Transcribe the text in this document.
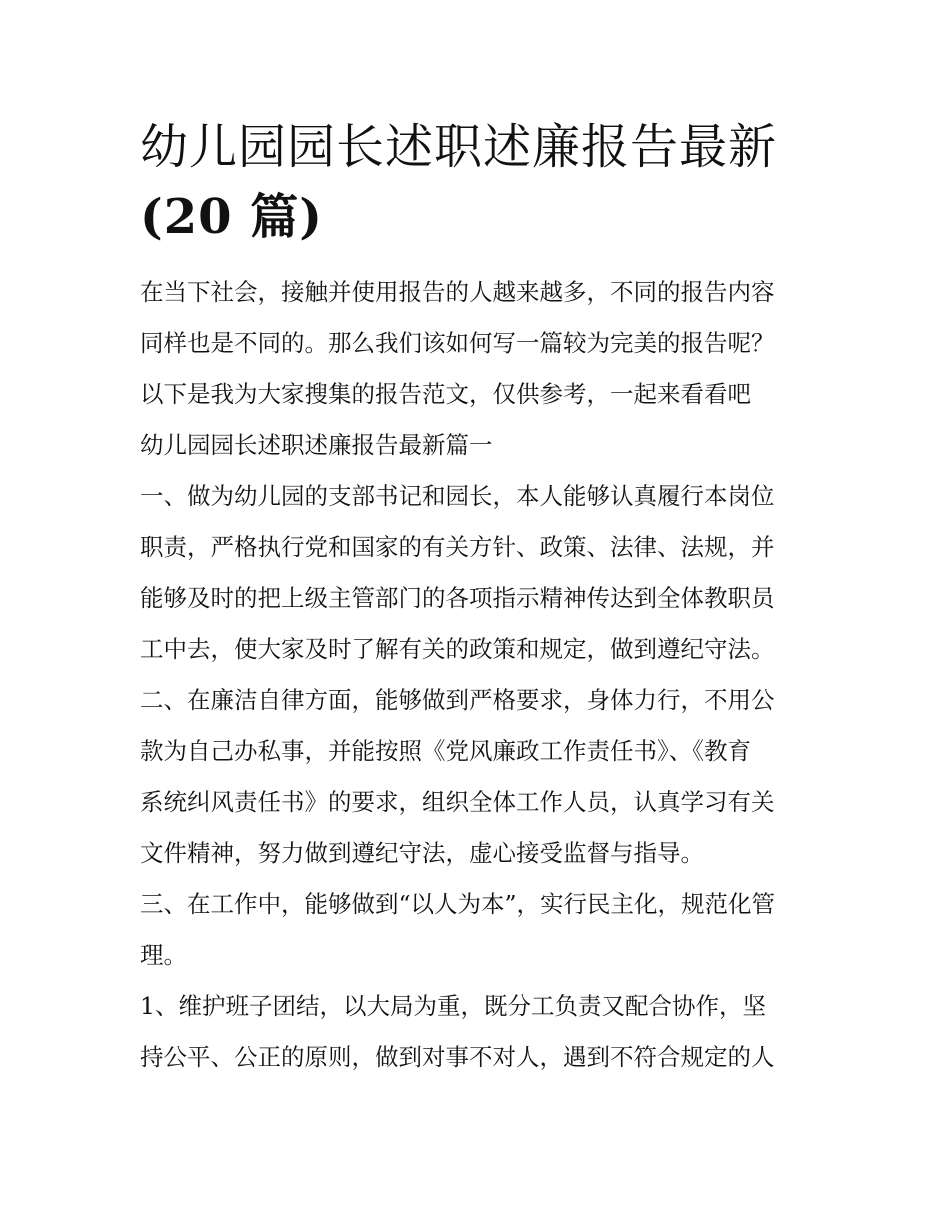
幼儿园园长述职述廉报告最新
(20 篇)
在当下社会，接触并使用报告的人越来越多，不同的报告内容
同样也是不同的。那么我们该如何写一篇较为完美的报告呢？
以下是我为大家搜集的报告范文，仅供参考，一起来看看吧
幼儿园园长述职述廉报告最新篇一
一、做为幼儿园的支部书记和园长，本人能够认真履行本岗位
职责，严格执行党和国家的有关方针、政策、法律、法规，并
能够及时的把上级主管部门的各项指示精神传达到全体教职员
工中去，使大家及时了解有关的政策和规定，做到遵纪守法。
二、在廉洁自律方面，能够做到严格要求，身体力行，不用公
款为自己办私事，并能按照《党风廉政工作责任书》、《教育
系统纠风责任书》的要求，组织全体工作人员，认真学习有关
文件精神，努力做到遵纪守法，虚心接受监督与指导。
三、在工作中，能够做到“以人为本”，实行民主化，规范化管
理。
1、维护班子团结，以大局为重，既分工负责又配合协作，坚
持公平、公正的原则，做到对事不对人，遇到不符合规定的人
